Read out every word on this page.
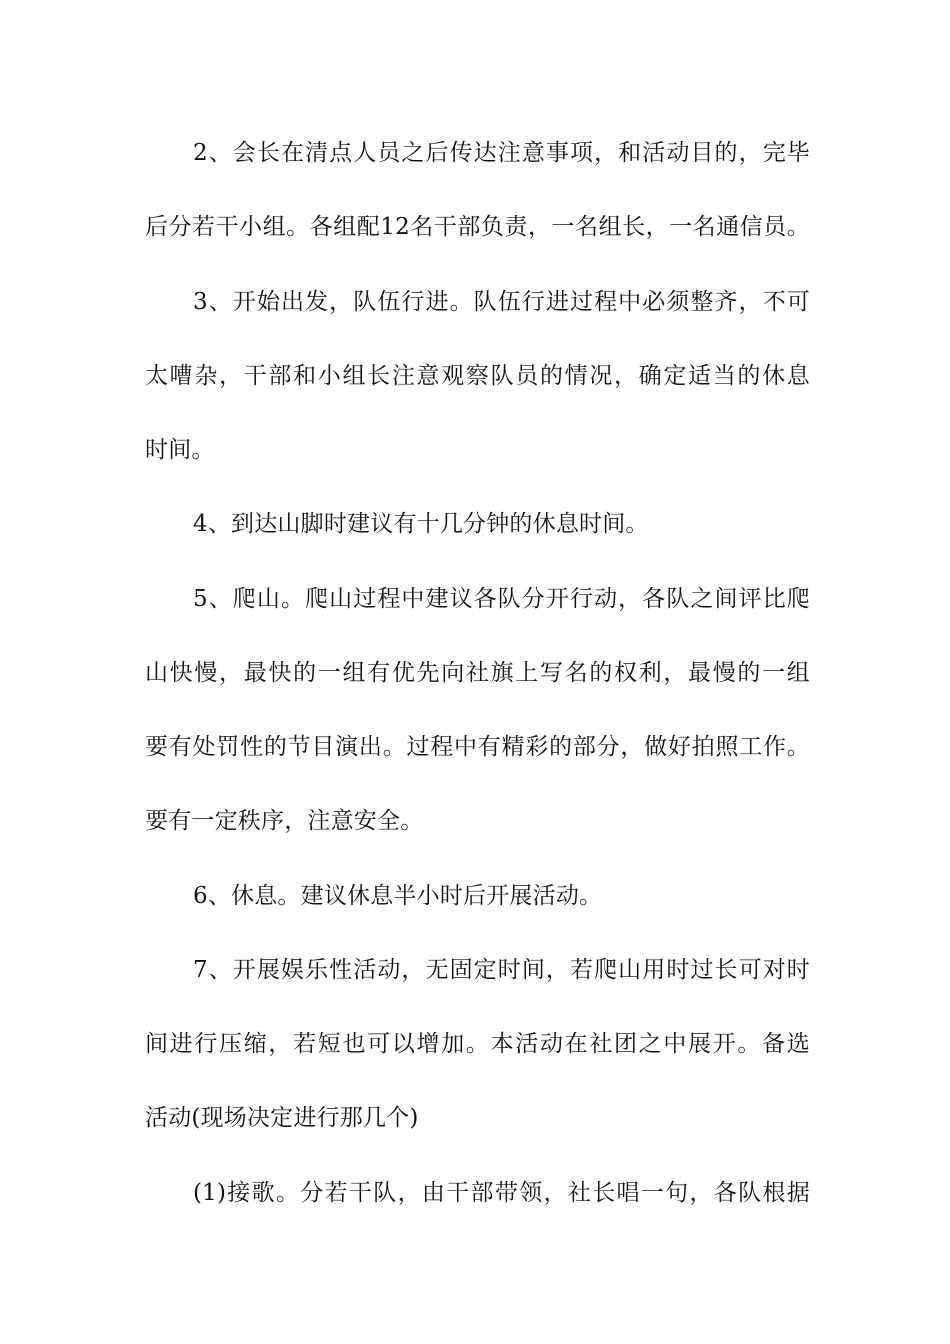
2、会长在清点人员之后传达注意事项，和活动目的，完毕
后分若干小组。各组配12名干部负责，一名组长，一名通信员。
3、开始出发，队伍行进。队伍行进过程中必须整齐，不可
太嘈杂，干部和小组长注意观察队员的情况，确定适当的休息
时间。
4、到达山脚时建议有十几分钟的休息时间。
5、爬山。爬山过程中建议各队分开行动，各队之间评比爬
山快慢，最快的一组有优先向社旗上写名的权利，最慢的一组
要有处罚性的节目演出。过程中有精彩的部分，做好拍照工作。
要有一定秩序，注意安全。
6、休息。建议休息半小时后开展活动。
7、开展娱乐性活动，无固定时间，若爬山用时过长可对时
间进行压缩，若短也可以增加。本活动在社团之中展开。备选
活动(现场决定进行那几个)
(1)接歌。分若干队，由干部带领，社长唱一句，各队根据
